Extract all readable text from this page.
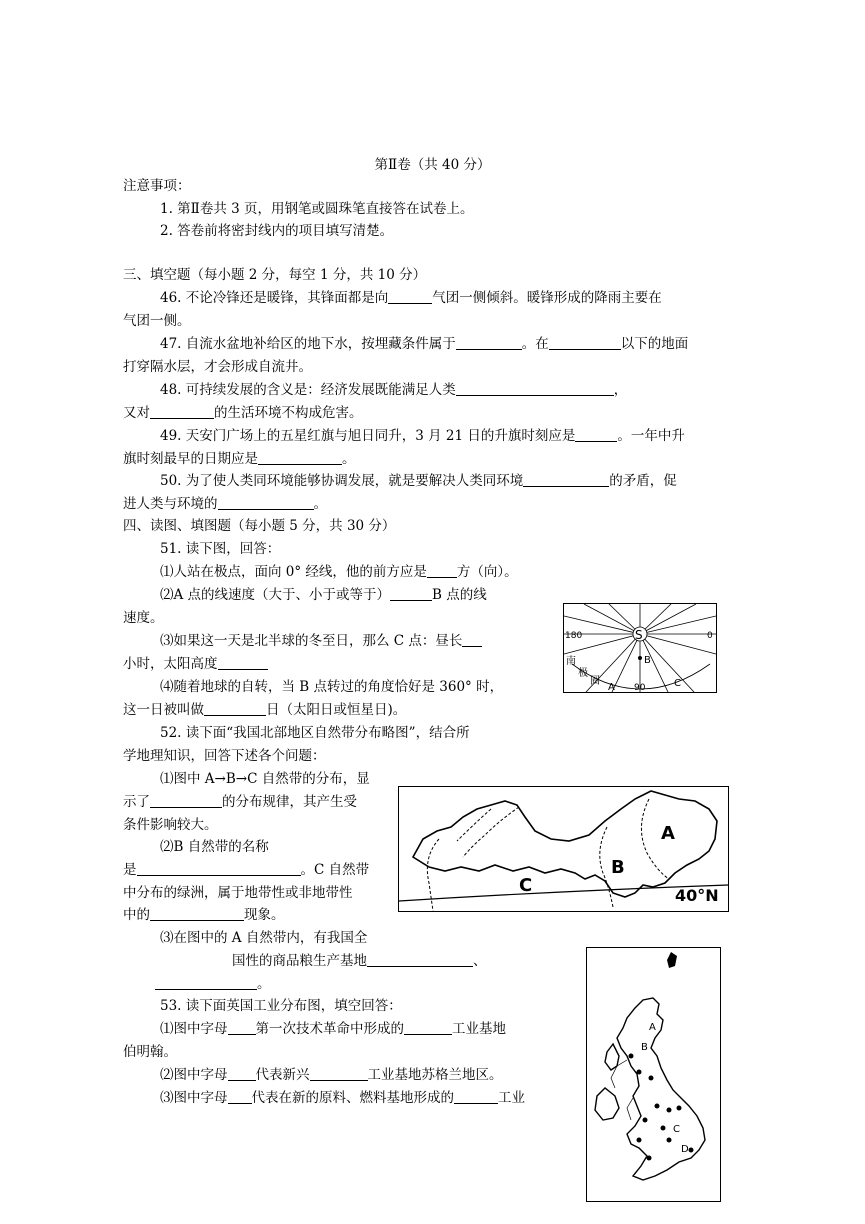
第Ⅱ卷（共 40 分）
注意事项：
1. 第Ⅱ卷共 3 页，用钢笔或圆珠笔直接答在试卷上。
2. 答卷前将密封线内的项目填写清楚。
三、填空题（每小题 2 分，每空 1 分，共 10 分）
46. 不论冷锋还是暖锋，其锋面都是向	气团一侧倾斜。暖锋形成的降雨主要在
气团一侧。
47. 自流水盆地补给区的地下水，按埋藏条件属于	。在	以下的地面
打穿隔水层，才会形成自流井。
48. 可持续发展的含义是：经济发展既能满足人类	，
又对	的生活环境不构成危害。
49. 天安门广场上的五星红旗与旭日同升，3 月 21 日的升旗时刻应是	。一年中升
旗时刻最早的日期应是	。
50. 为了使人类同环境能够协调发展，就是要解决人类同环境	的矛盾，促
进人类与环境的	。
四、读图、填图题（每小题 5 分，共 30 分）
51. 读下图，回答：
⑴人站在极点，面向 0° 经线，他的前方应是 方（向）。
⑵A 点的线速度（大于、小于或等于）	B 点的线
速度。
⑶如果这一天是北半球的冬至日，那么 C 点：昼长
小时，太阳高度
⑷随着地球的自转，当 B 点转过的角度恰好是 360° 时，
这一日被叫做	日（太阳日或恒星日)。
S
180	0
90
B
A	C
南
极
圈
52. 读下面“我国北部地区自然带分布略图”，结合所
学地理知识，回答下述各个问题：
⑴图中 A→B→C 自然带的分布，显
示了	的分布规律，其产生受
条件影响较大。
⑵B 自然带的名称
是	。C 自然带
中分布的绿洲，属于地带性或非地带性
中的	现象。
⑶在图中的 A 自然带内，有我国全
国性的商品粮生产基地	、
。
A
B
C	40°N
53. 读下面英国工业分布图，填空回答：
⑴图中字母 第一次技术革命中形成的	工业基地
伯明翰。
⑵图中字母 代表新兴	工业基地苏格兰地区。
⑶图中字母 代表在新的原料、燃料基地形成的	工业
A
B
C
D
